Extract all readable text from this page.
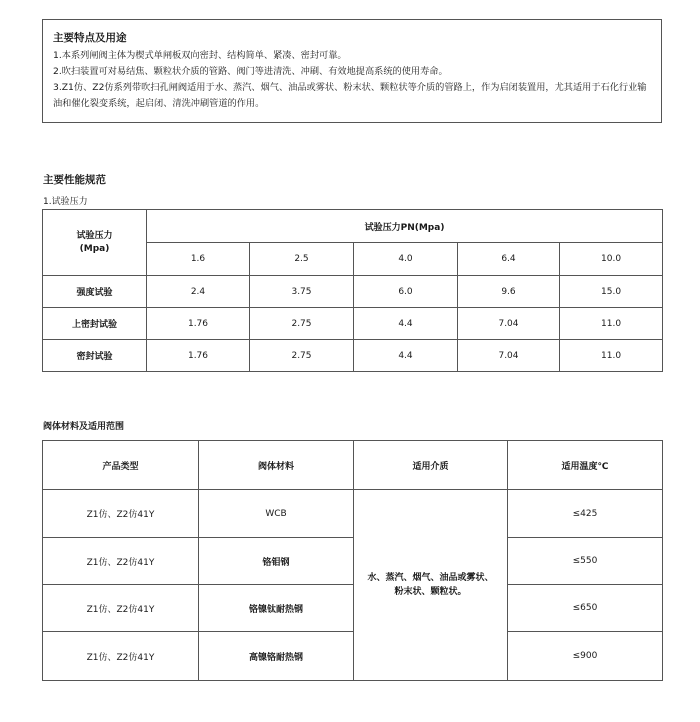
主要特点及用途
1.本系列闸阀主体为楔式单闸板双向密封、结构简单、紧凑、密封可靠。
2.吹扫装置可对易结焦、颗粒状介质的管路、阀门等进清洗、冲刷、有效地提高系统的使用寿命。
3.Z1仿、Z2仿系列带吹扫孔闸阀适用于水、蒸汽、烟气、油品或雾状、粉末状、颗粒状等介质的管路上，作为启闭装置用，尤其适用于石化行业输油和催化裂变系统，起启闭、清洗冲刷管道的作用。
主要性能规范
1.试验压力
试验压力
(Mpa)	试验压力PN(Mpa)				
	1.6	2.5	4.0	6.4	10.0
强度试验	2.4	3.75	6.0	9.6	15.0
上密封试验	1.76	2.75	4.4	7.04	11.0
密封试验	1.76	2.75	4.4	7.04	11.0
阀体材料及适用范围
产品类型	阀体材料	适用介质	适用温度℃
Z1仿、Z2仿41Y	WCB	水、蒸汽、烟气、油品或雾状、
粉末状、颗粒状。	≤425
Z1仿、Z2仿41Y	铬钼钢		≤550
Z1仿、Z2仿41Y	铬镍钛耐热钢		≤650
Z1仿、Z2仿41Y	高镍铬耐热钢		≤900
